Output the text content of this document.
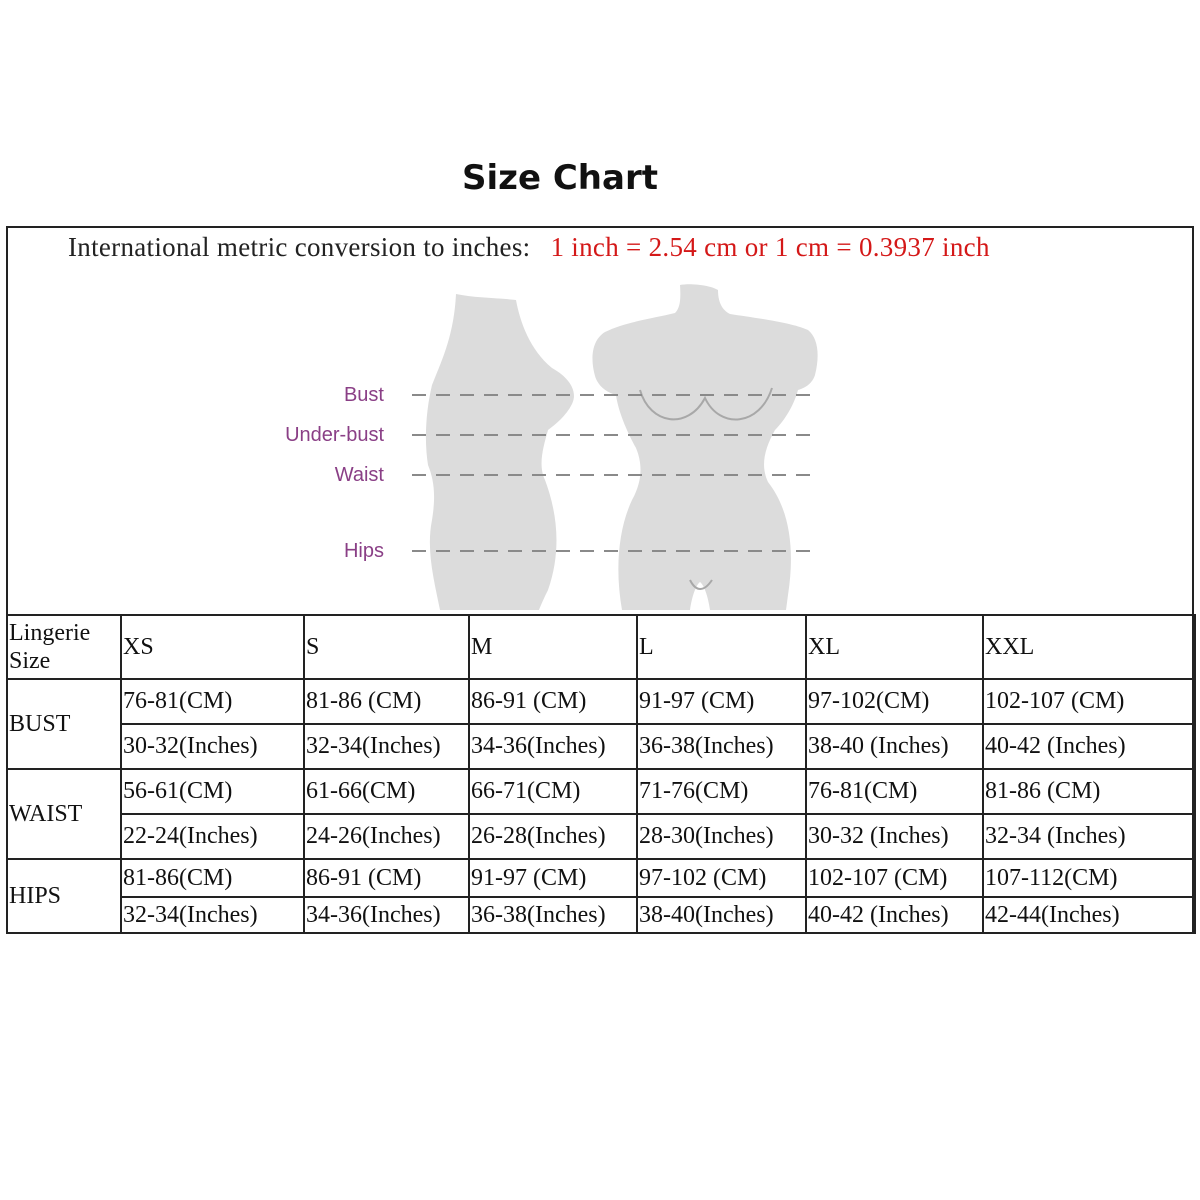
Size Chart
International metric conversion to inches: 1 inch = 2.54 cm or 1 cm = 0.3937 inch
Bust
Under-bust
Waist
Hips
Lingerie Size	XS	S	M	L	XL	XXL
BUST	76-81(CM)	81-86 (CM)	86-91 (CM)	91-97 (CM)	97-102(CM)	102-107 (CM)
	30-32(Inches)	32-34(Inches)	34-36(Inches)	36-38(Inches)	38-40 (Inches)	40-42 (Inches)
WAIST	56-61(CM)	61-66(CM)	66-71(CM)	71-76(CM)	76-81(CM)	81-86 (CM)
	22-24(Inches)	24-26(Inches)	26-28(Inches)	28-30(Inches)	30-32 (Inches)	32-34 (Inches)
HIPS	81-86(CM)	86-91 (CM)	91-97 (CM)	97-102 (CM)	102-107 (CM)	107-112(CM)
	32-34(Inches)	34-36(Inches)	36-38(Inches)	38-40(Inches)	40-42 (Inches)	42-44(Inches)
